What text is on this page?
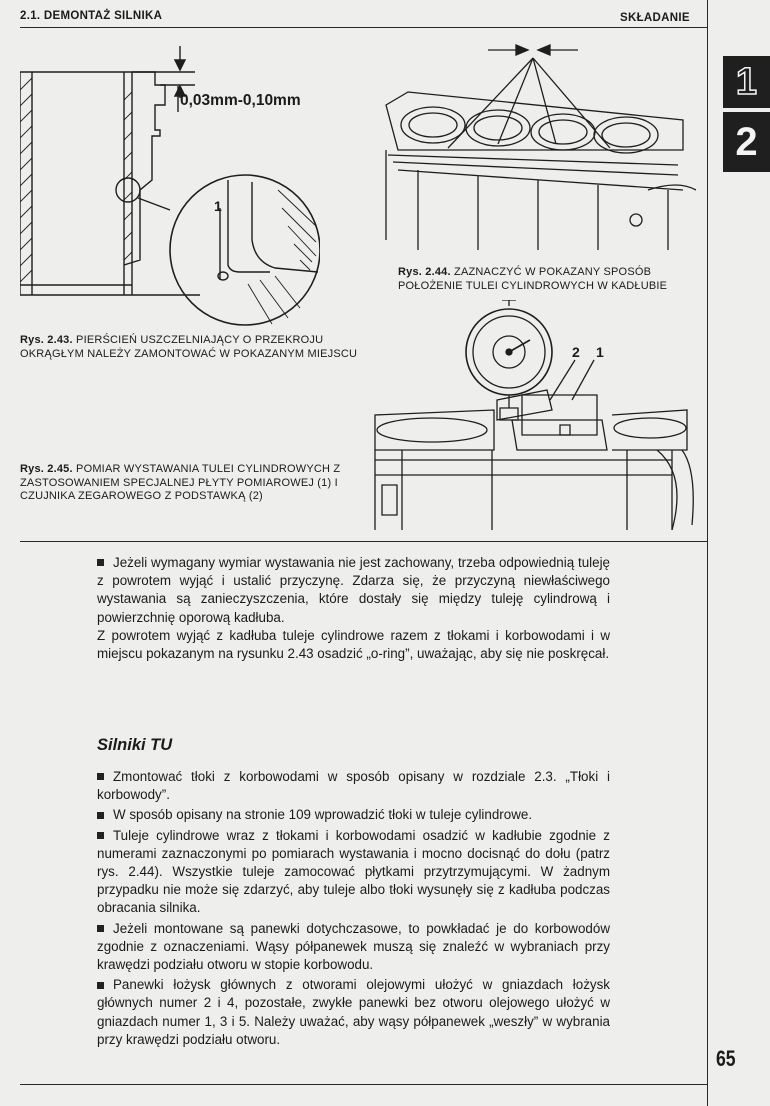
2.1. DEMONTAŻ SILNIKA	SKŁADANIE
1
2
0,03mm-0,10mm
1
Rys. 2.44. ZAZNACZYĆ W POKAZANY SPOSÓB POŁOŻENIE TULEI CYLINDROWYCH W KADŁUBIE
Rys. 2.43. PIERŚCIEŃ USZCZELNIAJĄCY O PRZEKROJU OKRĄGŁYM NALEŻY ZAMONTOWAĆ W POKAZANYM MIEJSCU	2 1
Rys. 2.45. POMIAR WYSTAWANIA TULEI CYLINDROWYCH Z ZASTOSOWANIEM SPECJALNEJ PŁYTY POMIAROWEJ (1) I CZUJNIKA ZEGAROWEGO Z PODSTAWKĄ (2)

Jeżeli wymagany wymiar wystawania nie jest zachowany, trzeba odpowiednią tuleję z powrotem wyjąć i ustalić przyczynę. Zdarza się, że przyczyną niewłaściwego wystawania są zanieczyszczenia, które dostały się między tuleję cylindrową i powierzchnię oporową kadłuba.

Z powrotem wyjąć z kadłuba tuleje cylindrowe razem z tłokami i korbowodami i w miejscu pokazanym na rysunku 2.43 osadzić „o-ring”, uważając, aby się nie poskręcał.

Silniki TU

Zmontować tłoki z korbowodami w sposób opisany w rozdziale 2.3. „Tłoki i korbowody”.

W sposób opisany na stronie 109 wprowadzić tłoki w tuleje cylindrowe.

Tuleje cylindrowe wraz z tłokami i korbowodami osadzić w kadłubie zgodnie z numerami zaznaczonymi po pomiarach wystawania i mocno docisnąć do dołu (patrz rys. 2.44). Wszystkie tuleje zamocować płytkami przytrzymującymi. W żadnym przypadku nie może się zdarzyć, aby tuleje albo tłoki wysunęły się z kadłuba podczas obracania silnika.

Jeżeli montowane są panewki dotychczasowe, to powkładać je do korbowodów zgodnie z oznaczeniami. Wąsy półpanewek muszą się znaleźć w wybraniach przy krawędzi podziału otworu w stopie korbowodu.

Panewki łożysk głównych z otworami olejowymi ułożyć w gniazdach łożysk głównych numer 2 i 4, pozostałe, zwykłe panewki bez otworu olejowego ułożyć w gniazdach numer 1, 3 i 5. Należy uważać, aby wąsy półpanewek „weszły” w wybrania przy krawędzi podziału otworu.

65
